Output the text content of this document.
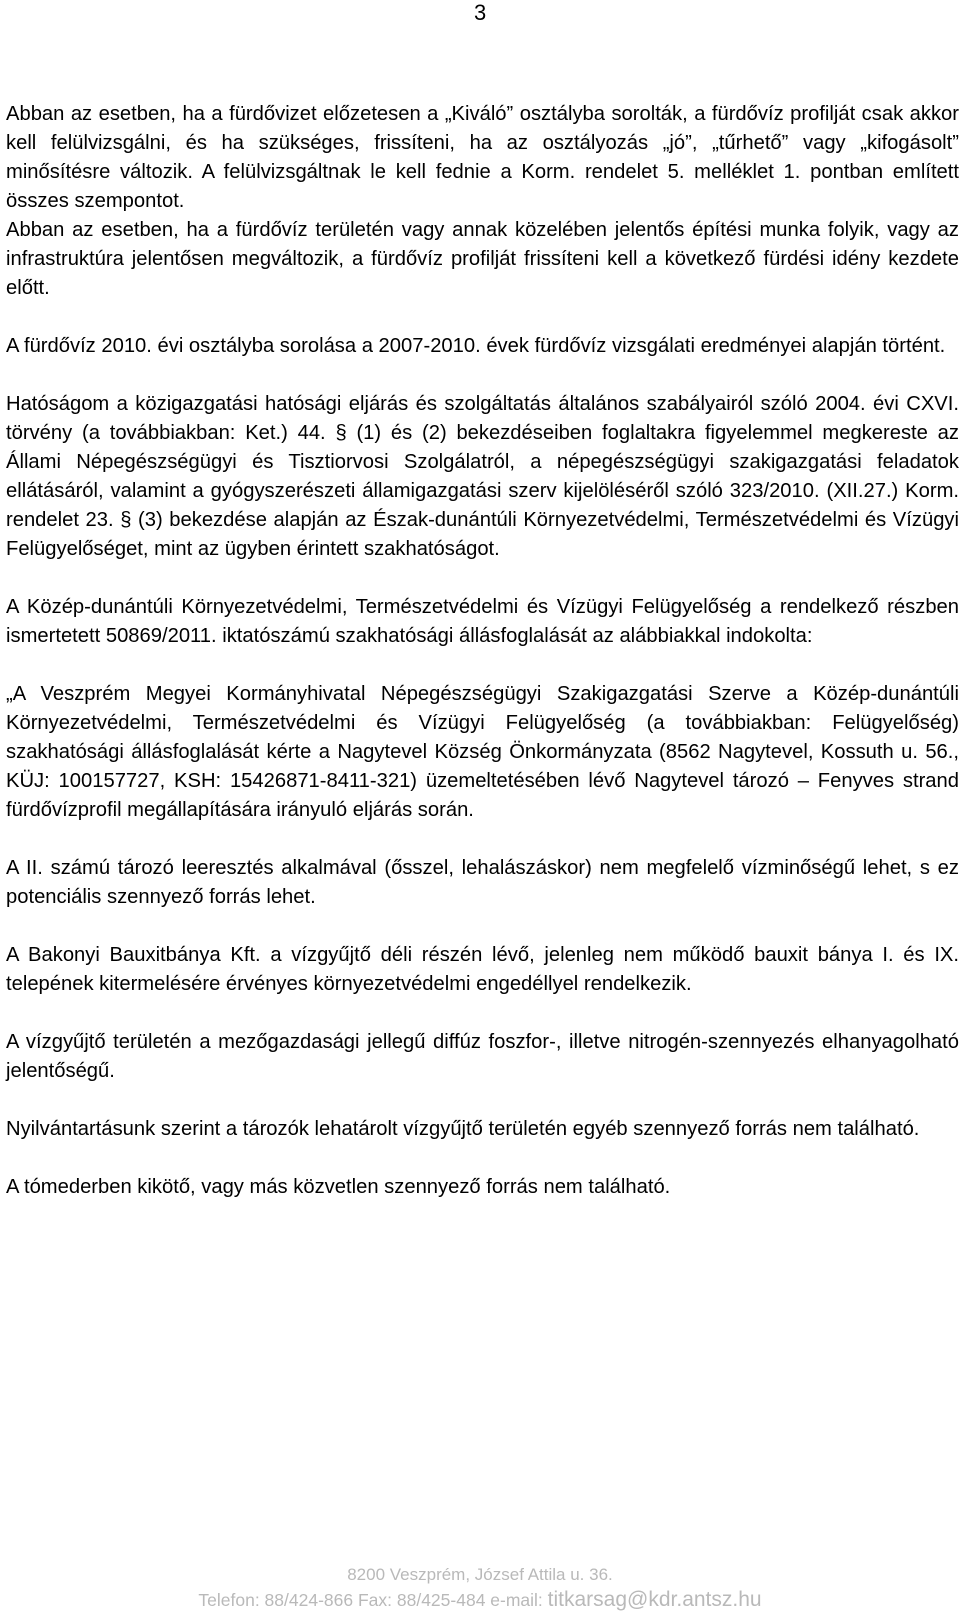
3

Abban az esetben, ha a fürdővizet előzetesen a „Kiváló” osztályba sorolták, a fürdővíz profilját csak akkor kell felülvizsgálni, és ha szükséges, frissíteni, ha az osztályozás „jó”, „tűrhető” vagy „kifogásolt” minősítésre változik. A felülvizsgáltnak le kell fednie a Korm. rendelet 5. melléklet 1. pontban említett összes szempontot.

Abban az esetben, ha a fürdővíz területén vagy annak közelében jelentős építési munka folyik, vagy az infrastruktúra jelentősen megváltozik, a fürdővíz profilját frissíteni kell a következő fürdési idény kezdete előtt.

A fürdővíz 2010. évi osztályba sorolása a 2007-2010. évek fürdővíz vizsgálati eredményei alapján történt.

Hatóságom a közigazgatási hatósági eljárás és szolgáltatás általános szabályairól szóló 2004. évi CXVI. törvény (a továbbiakban: Ket.) 44. § (1) és (2) bekezdéseiben foglaltakra figyelemmel megkereste az Állami Népegészségügyi és Tisztiorvosi Szolgálatról, a népegészségügyi szakigazgatási feladatok ellátásáról, valamint a gyógyszerészeti államigazgatási szerv kijelöléséről szóló 323/2010. (XII.27.) Korm. rendelet 23. § (3) bekezdése alapján az Észak-dunántúli Környezetvédelmi, Természetvédelmi és Vízügyi Felügyelőséget, mint az ügyben érintett szakhatóságot.

A Közép-dunántúli Környezetvédelmi, Természetvédelmi és Vízügyi Felügyelőség a rendelkező részben ismertetett 50869/2011. iktatószámú szakhatósági állásfoglalását az alábbiakkal indokolta:

„A Veszprém Megyei Kormányhivatal Népegészségügyi Szakigazgatási Szerve a Közép-dunántúli Környezetvédelmi, Természetvédelmi és Vízügyi Felügyelőség (a továbbiakban: Felügyelőség) szakhatósági állásfoglalását kérte a Nagytevel Község Önkormányzata (8562 Nagytevel, Kossuth u. 56., KÜJ: 100157727, KSH: 15426871-8411-321) üzemeltetésében lévő Nagytevel tározó – Fenyves strand fürdővízprofil megállapítására irányuló eljárás során.

A II. számú tározó leeresztés alkalmával (ősszel, lehalászáskor) nem megfelelő vízminőségű lehet, s ez potenciális szennyező forrás lehet.

A Bakonyi Bauxitbánya Kft. a vízgyűjtő déli részén lévő, jelenleg nem működő bauxit bánya I. és IX. telepének kitermelésére érvényes környezetvédelmi engedéllyel rendelkezik.

A vízgyűjtő területén a mezőgazdasági jellegű diffúz foszfor-, illetve nitrogén-szennyezés elhanyagolható jelentőségű.

Nyilvántartásunk szerint a tározók lehatárolt vízgyűjtő területén egyéb szennyező forrás nem található.

A tómederben kikötő, vagy más közvetlen szennyező forrás nem található.

8200 Veszprém, József Attila u. 36.
Telefon: 88/424-866 Fax: 88/425-484 e-mail: titkarsag@kdr.antsz.hu
